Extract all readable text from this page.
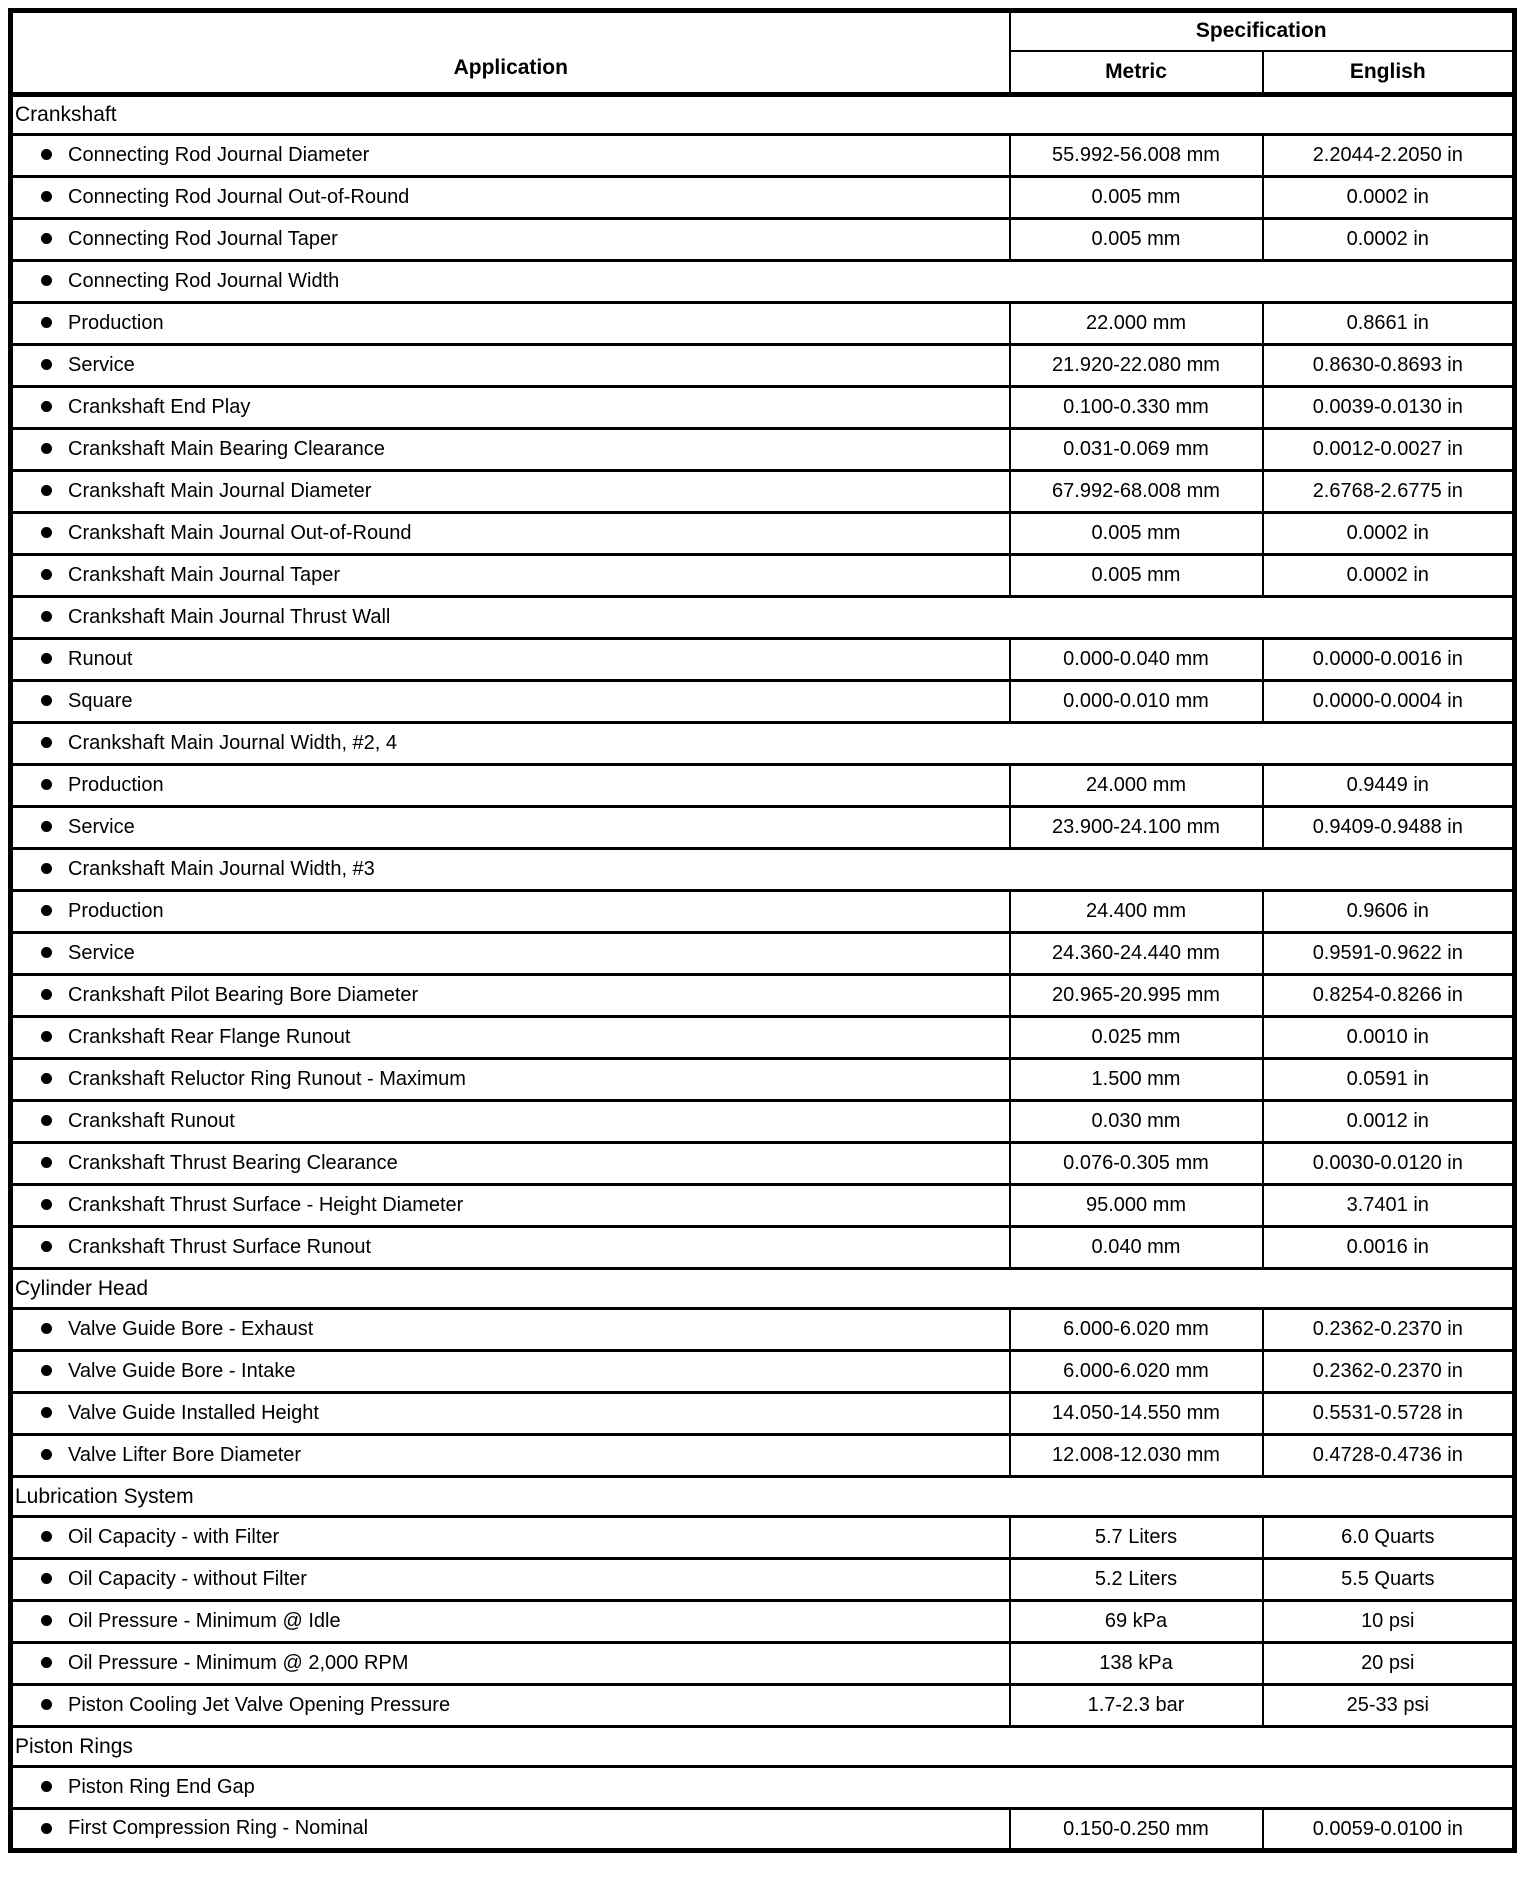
Application	Specification	
	Metric	English
Crankshaft		
Connecting Rod Journal Diameter	55.992-56.008 mm	2.2044-2.2050 in
Connecting Rod Journal Out-of-Round	0.005 mm	0.0002 in
Connecting Rod Journal Taper	0.005 mm	0.0002 in
Connecting Rod Journal Width		
Production	22.000 mm	0.8661 in
Service	21.920-22.080 mm	0.8630-0.8693 in
Crankshaft End Play	0.100-0.330 mm	0.0039-0.0130 in
Crankshaft Main Bearing Clearance	0.031-0.069 mm	0.0012-0.0027 in
Crankshaft Main Journal Diameter	67.992-68.008 mm	2.6768-2.6775 in
Crankshaft Main Journal Out-of-Round	0.005 mm	0.0002 in
Crankshaft Main Journal Taper	0.005 mm	0.0002 in
Crankshaft Main Journal Thrust Wall		
Runout	0.000-0.040 mm	0.0000-0.0016 in
Square	0.000-0.010 mm	0.0000-0.0004 in
Crankshaft Main Journal Width, #2, 4		
Production	24.000 mm	0.9449 in
Service	23.900-24.100 mm	0.9409-0.9488 in
Crankshaft Main Journal Width, #3		
Production	24.400 mm	0.9606 in
Service	24.360-24.440 mm	0.9591-0.9622 in
Crankshaft Pilot Bearing Bore Diameter	20.965-20.995 mm	0.8254-0.8266 in
Crankshaft Rear Flange Runout	0.025 mm	0.0010 in
Crankshaft Reluctor Ring Runout - Maximum	1.500 mm	0.0591 in
Crankshaft Runout	0.030 mm	0.0012 in
Crankshaft Thrust Bearing Clearance	0.076-0.305 mm	0.0030-0.0120 in
Crankshaft Thrust Surface - Height Diameter	95.000 mm	3.7401 in
Crankshaft Thrust Surface Runout	0.040 mm	0.0016 in
Cylinder Head		
Valve Guide Bore - Exhaust	6.000-6.020 mm	0.2362-0.2370 in
Valve Guide Bore - Intake	6.000-6.020 mm	0.2362-0.2370 in
Valve Guide Installed Height	14.050-14.550 mm	0.5531-0.5728 in
Valve Lifter Bore Diameter	12.008-12.030 mm	0.4728-0.4736 in
Lubrication System		
Oil Capacity - with Filter	5.7 Liters	6.0 Quarts
Oil Capacity - without Filter	5.2 Liters	5.5 Quarts
Oil Pressure - Minimum @ Idle	69 kPa	10 psi
Oil Pressure - Minimum @ 2,000 RPM	138 kPa	20 psi
Piston Cooling Jet Valve Opening Pressure	1.7-2.3 bar	25-33 psi
Piston Rings		
Piston Ring End Gap		
First Compression Ring - Nominal	0.150-0.250 mm	0.0059-0.0100 in
